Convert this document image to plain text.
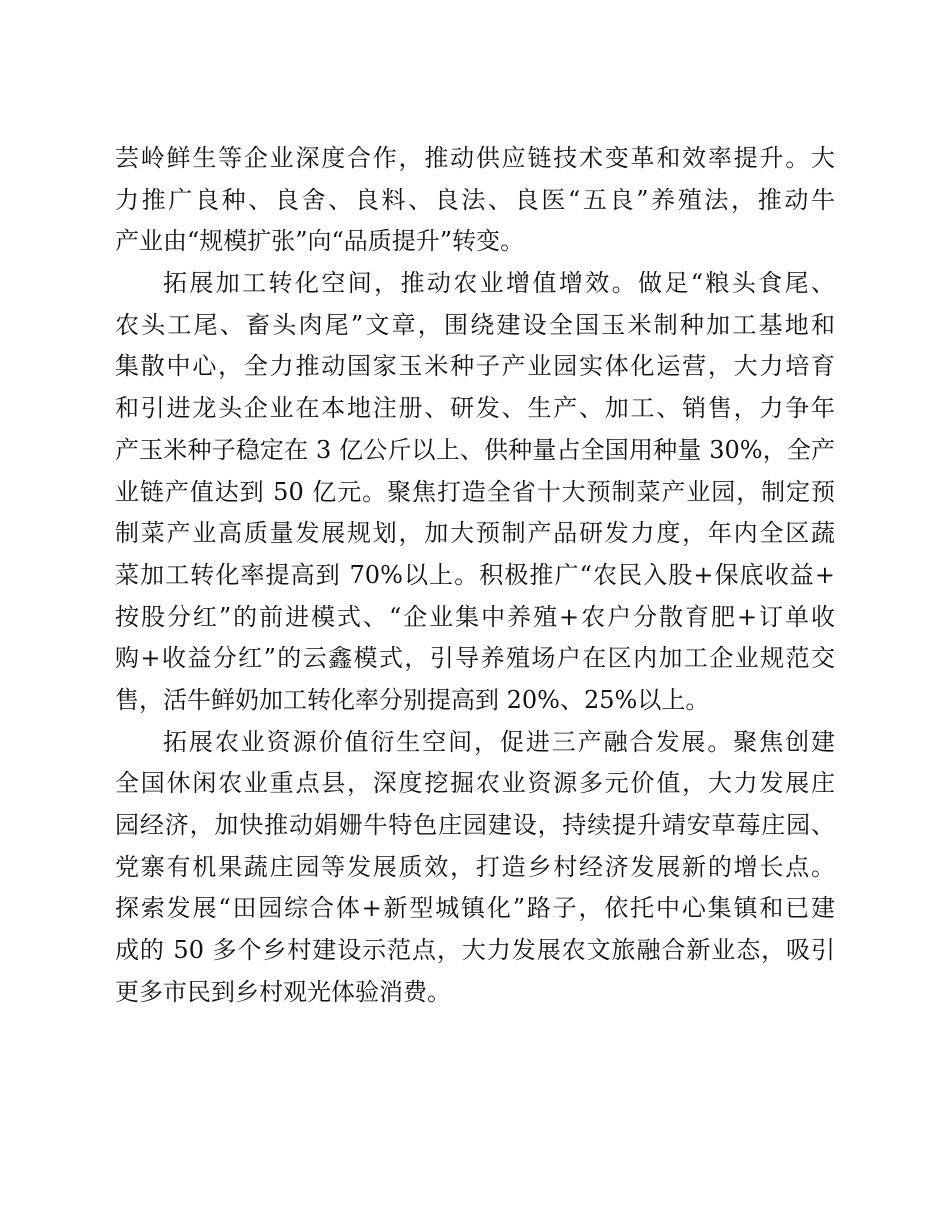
芸岭鲜生等企业深度合作，推动供应链技术变革和效率提升。大
力推广良种、良舍、良料、良法、良医“五良”养殖法，推动牛
产业由“规模扩张”向“品质提升”转变。
拓展加工转化空间，推动农业增值增效。做足“粮头食尾、
农头工尾、畜头肉尾”文章，围绕建设全国玉米制种加工基地和
集散中心，全力推动国家玉米种子产业园实体化运营，大力培育
和引进龙头企业在本地注册、研发、生产、加工、销售，力争年
产玉米种子稳定在 3 亿公斤以上、供种量占全国用种量 30%，全产
业链产值达到 50 亿元。聚焦打造全省十大预制菜产业园，制定预
制菜产业高质量发展规划，加大预制产品研发力度，年内全区蔬
菜加工转化率提高到 70%以上。积极推广“农民入股+保底收益+
按股分红”的前进模式、“企业集中养殖+农户分散育肥+订单收
购+收益分红”的云鑫模式，引导养殖场户在区内加工企业规范交
售，活牛鲜奶加工转化率分别提高到 20%、25%以上。
拓展农业资源价值衍生空间，促进三产融合发展。聚焦创建
全国休闲农业重点县，深度挖掘农业资源多元价值，大力发展庄
园经济，加快推动娟姗牛特色庄园建设，持续提升靖安草莓庄园、
党寨有机果蔬庄园等发展质效，打造乡村经济发展新的增长点。
探索发展“田园综合体+新型城镇化”路子，依托中心集镇和已建
成的 50 多个乡村建设示范点，大力发展农文旅融合新业态，吸引
更多市民到乡村观光体验消费。
